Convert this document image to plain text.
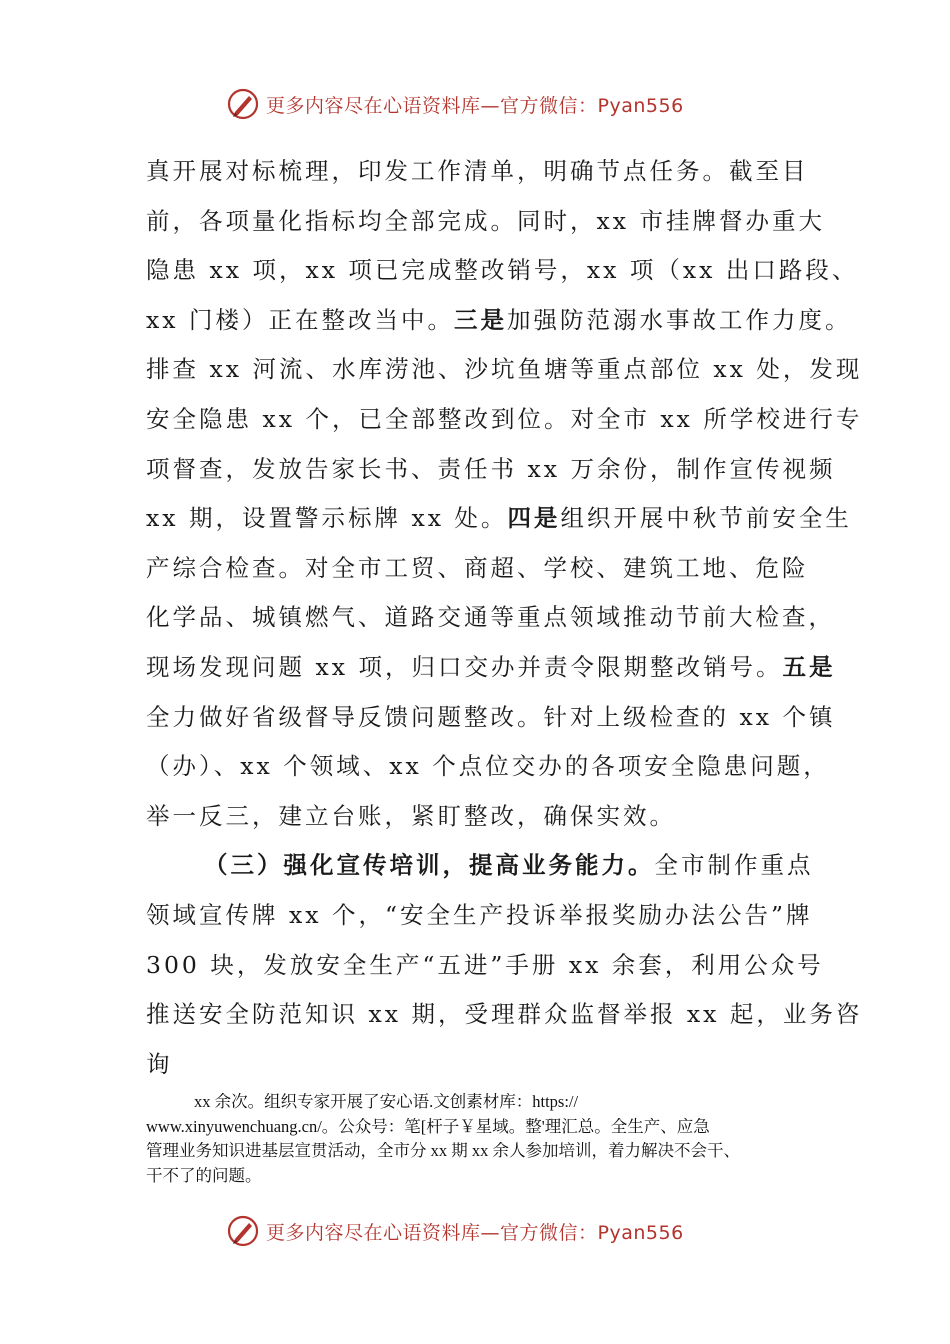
更多内容尽在心语资料库—官方微信：Pyan556
真开展对标梳理，印发工作清单，明确节点任务。截至目
前，各项量化指标均全部完成。同时，xx 市挂牌督办重大
隐患 xx 项，xx 项已完成整改销号，xx 项（xx 出口路段、
xx 门楼）正在整改当中。三是加强防范溺水事故工作力度。
排查 xx 河流、水库涝池、沙坑鱼塘等重点部位 xx 处，发现
安全隐患 xx 个，已全部整改到位。对全市 xx 所学校进行专
项督查，发放告家长书、责任书 xx 万余份，制作宣传视频
xx 期，设置警示标牌 xx 处。四是组织开展中秋节前安全生
产综合检查。对全市工贸、商超、学校、建筑工地、危险
化学品、城镇燃气、道路交通等重点领域推动节前大检查，
现场发现问题 xx 项，归口交办并责令限期整改销号。五是
全力做好省级督导反馈问题整改。针对上级检查的 xx 个镇
（办）、xx 个领域、xx 个点位交办的各项安全隐患问题，
举一反三，建立台账，紧盯整改，确保实效。
（三）强化宣传培训，提高业务能力。全市制作重点
领域宣传牌 xx 个，“安全生产投诉举报奖励办法公告”牌
300 块，发放安全生产“五进”手册 xx 余套，利用公众号
推送安全防范知识 xx 期，受理群众监督举报 xx 起，业务咨
询
xx 余次。组织专家开展了安心语.文创素材库：https://
www.xinyuwenchuang.cn/。公众号：笔[杆子￥星域。整'理汇总。全生产、应急
管理业务知识进基层宣贯活动，全市分 xx 期 xx 余人参加培训，着力解决不会干、
干不了的问题。
更多内容尽在心语资料库—官方微信：Pyan556
